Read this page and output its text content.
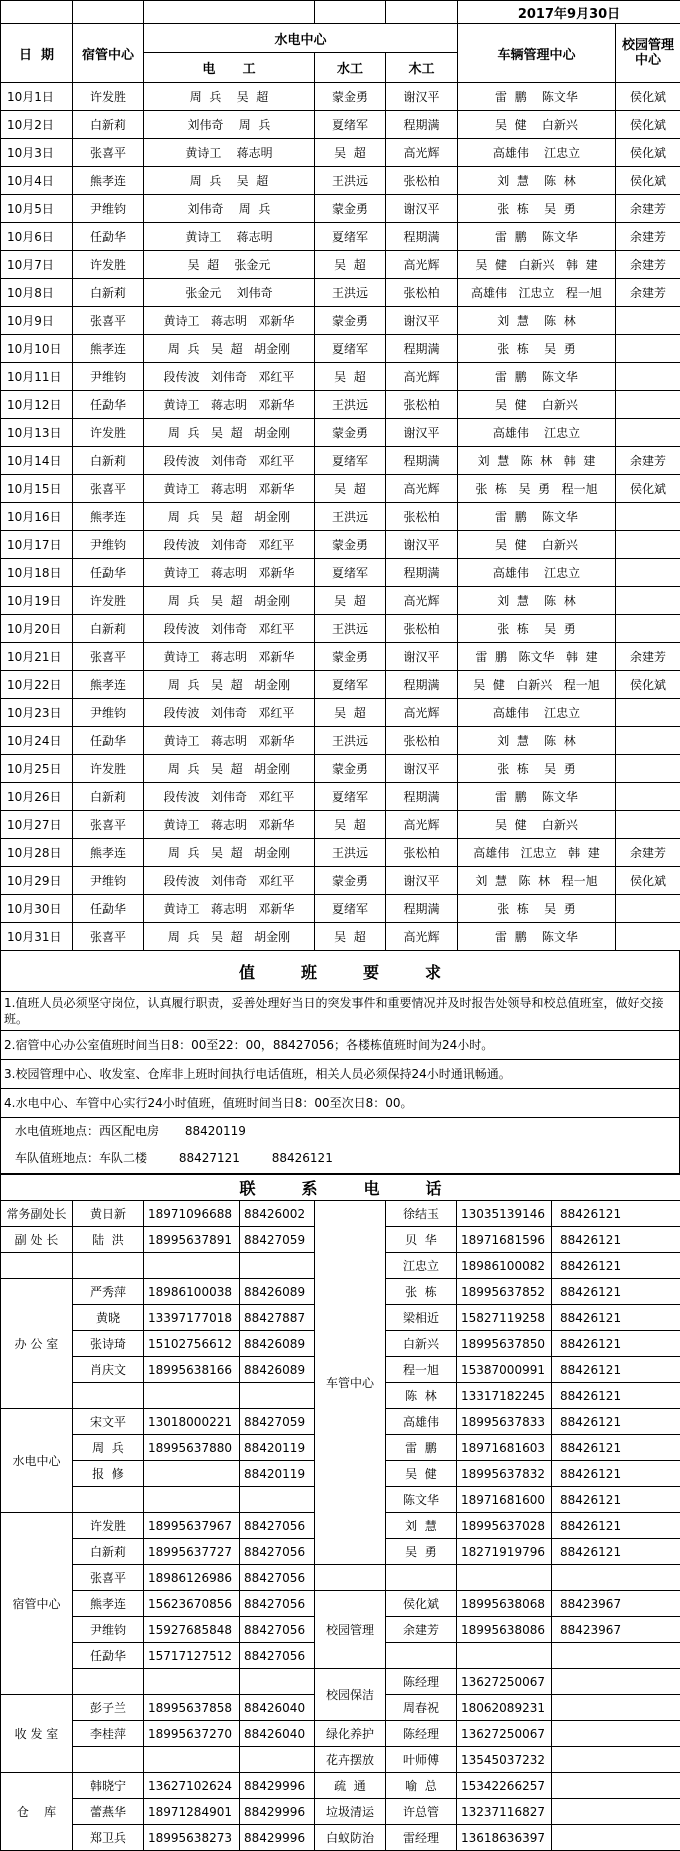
					2017年9月30日	
日  期	宿管中心	水电中心			车辆管理中心	校园管理中心
		电      工	水工	木工		
10月1日	许发胜	周  兵    吴  超	蒙金勇	谢汉平	雷  鹏    陈文华	侯化斌
10月2日	白新莉	刘伟奇    周  兵	夏绪军	程期满	吴  健    白新兴	侯化斌
10月3日	张喜平	黄诗工    蒋志明	吴  超	高光辉	高雄伟    江忠立	侯化斌
10月4日	熊孝连	周  兵    吴  超	王洪远	张松柏	刘  慧    陈  林	侯化斌
10月5日	尹维钧	刘伟奇    周  兵	蒙金勇	谢汉平	张  栋    吴  勇	余建芳
10月6日	任勐华	黄诗工    蒋志明	夏绪军	程期满	雷  鹏    陈文华	余建芳
10月7日	许发胜	吴  超    张金元	吴  超	高光辉	吴  健   白新兴   韩  建	余建芳
10月8日	白新莉	张金元    刘伟奇	王洪远	张松柏	高雄伟   江忠立   程一旭	余建芳
10月9日	张喜平	黄诗工   蒋志明   邓新华	蒙金勇	谢汉平	刘  慧    陈  林	
10月10日	熊孝连	周  兵   吴  超   胡金刚	夏绪军	程期满	张  栋    吴  勇	
10月11日	尹维钧	段传波   刘伟奇   邓红平	吴  超	高光辉	雷  鹏    陈文华	
10月12日	任勐华	黄诗工   蒋志明   邓新华	王洪远	张松柏	吴  健    白新兴	
10月13日	许发胜	周  兵   吴  超   胡金刚	蒙金勇	谢汉平	高雄伟    江忠立	
10月14日	白新莉	段传波   刘伟奇   邓红平	夏绪军	程期满	刘  慧   陈  林   韩  建	余建芳
10月15日	张喜平	黄诗工   蒋志明   邓新华	吴  超	高光辉	张  栋   吴  勇   程一旭	侯化斌
10月16日	熊孝连	周  兵   吴  超   胡金刚	王洪远	张松柏	雷  鹏    陈文华	
10月17日	尹维钧	段传波   刘伟奇   邓红平	蒙金勇	谢汉平	吴  健    白新兴	
10月18日	任勐华	黄诗工   蒋志明   邓新华	夏绪军	程期满	高雄伟    江忠立	
10月19日	许发胜	周  兵   吴  超   胡金刚	吴  超	高光辉	刘  慧    陈  林	
10月20日	白新莉	段传波   刘伟奇   邓红平	王洪远	张松柏	张  栋    吴  勇	
10月21日	张喜平	黄诗工   蒋志明   邓新华	蒙金勇	谢汉平	雷  鹏   陈文华   韩  建	余建芳
10月22日	熊孝连	周  兵   吴  超   胡金刚	夏绪军	程期满	吴  健   白新兴   程一旭	侯化斌
10月23日	尹维钧	段传波   刘伟奇   邓红平	吴  超	高光辉	高雄伟    江忠立	
10月24日	任勐华	黄诗工   蒋志明   邓新华	王洪远	张松柏	刘  慧    陈  林	
10月25日	许发胜	周  兵   吴  超   胡金刚	蒙金勇	谢汉平	张  栋    吴  勇	
10月26日	白新莉	段传波   刘伟奇   邓红平	夏绪军	程期满	雷  鹏    陈文华	
10月27日	张喜平	黄诗工   蒋志明   邓新华	吴  超	高光辉	吴  健    白新兴	
10月28日	熊孝连	周  兵   吴  超   胡金刚	王洪远	张松柏	高雄伟   江忠立   韩  建	余建芳
10月29日	尹维钧	段传波   刘伟奇   邓红平	蒙金勇	谢汉平	刘  慧   陈  林   程一旭	侯化斌
10月30日	任勐华	黄诗工   蒋志明   邓新华	夏绪军	程期满	张  栋    吴  勇	
10月31日	张喜平	周  兵   吴  超   胡金刚	吴  超	高光辉	雷  鹏    陈文华	
值班要求
1.值班人员必须坚守岗位，认真履行职责，妥善处理好当日的突发事件和重要情况并及时报告处领导和校总值班室，做好交接班。
2.宿管中心办公室值班时间当日8：00至22：00，88427056；各楼栋值班时间为24小时。
3.校园管理中心、收发室、仓库非上班时间执行电话值班，相关人员必须保持24小时通讯畅通。
4.水电中心、车管中心实行24小时值班，值班时间当日8：00至次日8：00。
水电值班地点：西区配电房 88420119
车队值班地点：车队二楼	88427121	88426121
联系电话							
常务副处长	黄日新	18971096688	88426002	车管中心	徐结玉	13035139146	88426121
副 处 长	陆  洪	18995637891	88427059		贝  华	18971681596	88426121
					江忠立	18986100082	88426121
办 公 室	严秀萍	18986100038	88426089		张  栋	18995637852	88426121
	黄晓	13397177018	88427887		梁相近	15827119258	88426121
	张诗琦	15102756612	88426089		白新兴	18995637850	88426121
	肖庆文	18995638166	88426089		程一旭	15387000991	88426121
					陈  林	13317182245	88426121
水电中心	宋文平	13018000221	88427059		高雄伟	18995637833	88426121
	周  兵	18995637880	88420119		雷  鹏	18971681603	88426121
	报  修		88420119		吴  健	18995637832	88426121
					陈文华	18971681600	88426121
宿管中心	许发胜	18995637967	88427056		刘  慧	18995637028	88426121
	白新莉	18995637727	88427056		吴  勇	18271919796	88426121
	张喜平	18986126986	88427056				
	熊孝连	15623670856	88427056	校园管理	侯化斌	18995638068	88423967
	尹维钧	15927685848	88427056		余建芳	18995638086	88423967
	任勐华	15717127512	88427056				
				校园保洁	陈经理	13627250067	
收 发 室	彭子兰	18995637858	88426040		周春祝	18062089231	
	李桂萍	18995637270	88426040	绿化养护	陈经理	13627250067	
				花卉摆放	叶师傅	13545037232	
仓    库	韩晓宁	13627102624	88429996	疏  通	喻  总	15342266257	
	蕾燕华	18971284901	88429996	垃圾清运	许总管	13237116827	
	郑卫兵	18995638273	88429996	白蚁防治	雷经理	13618636397	
